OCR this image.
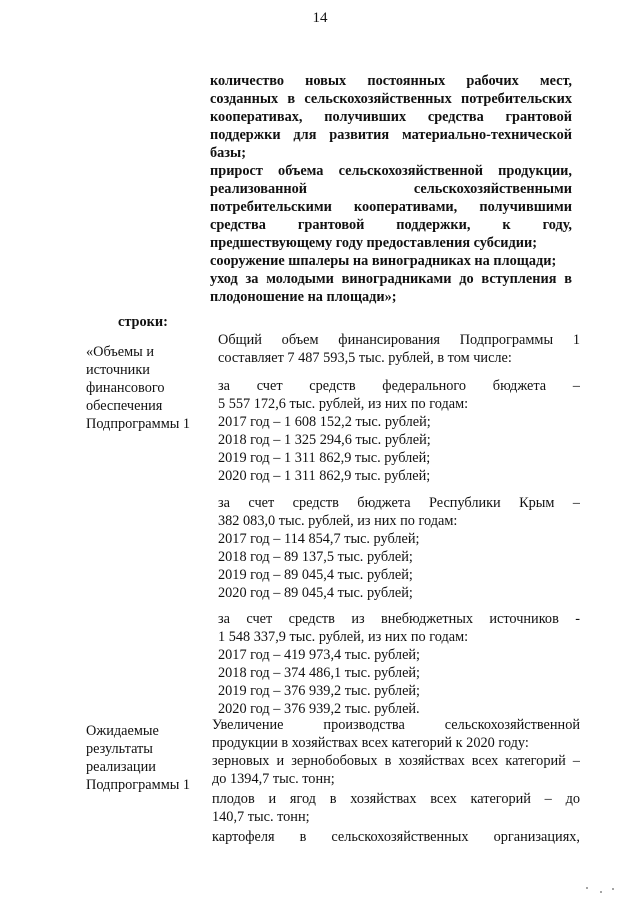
14
количество новых постоянных рабочих мест,
созданных в сельскохозяйственных потребительских
кооперативах, получивших средства грантовой
поддержки для развития материально-технической
базы;
прирост объема сельскохозяйственной продукции,
реализованной сельскохозяйственными
потребительскими кооперативами, получившими
средства грантовой поддержки, к году,
предшествующему году предоставления субсидии;
сооружение шпалеры на виноградниках на площади;
уход за молодыми виноградниками до вступления в
плодоношение на площади»;
строки:
«Объемы и
источники
финансового
обеспечения
Подпрограммы 1
Общий объем финансирования Подпрограммы 1
составляет 7 487 593,5 тыс. рублей, в том числе:
за счет средств федерального бюджета –
5 557 172,6 тыс. рублей, из них по годам:
2017 год – 1 608 152,2 тыс. рублей;
2018 год – 1 325 294,6 тыс. рублей;
2019 год – 1 311 862,9 тыс. рублей;
2020 год – 1 311 862,9 тыс. рублей;
за счет средств бюджета Республики Крым –
382 083,0 тыс. рублей, из них по годам:
2017 год – 114 854,7 тыс. рублей;
2018 год – 89 137,5 тыс. рублей;
2019 год – 89 045,4 тыс. рублей;
2020 год – 89 045,4 тыс. рублей;
за счет средств из внебюджетных источников -
1 548 337,9 тыс. рублей, из них по годам:
2017 год – 419 973,4 тыс. рублей;
2018 год – 374 486,1 тыс. рублей;
2019 год – 376 939,2 тыс. рублей;
2020 год – 376 939,2 тыс. рублей.
Ожидаемые
результаты
реализации
Подпрограммы 1
Увеличение производства сельскохозяйственной
продукции в хозяйствах всех категорий к 2020 году:
зерновых и зернобобовых в хозяйствах всех категорий –
до 1394,7 тыс. тонн;
плодов и ягод в хозяйствах всех категорий – до
140,7 тыс. тонн;
картофеля в сельскохозяйственных организациях,
